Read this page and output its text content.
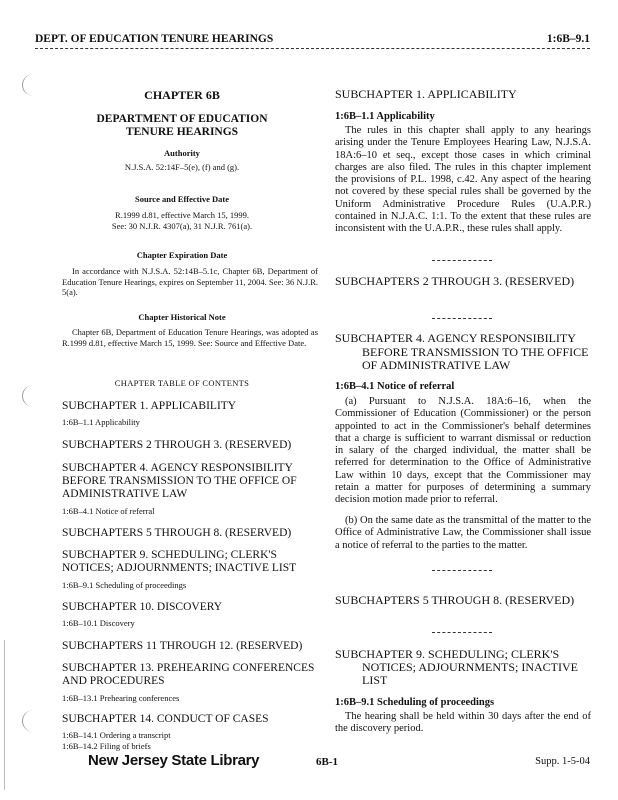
DEPT. OF EDUCATION TENURE HEARINGS	1:6B–9.1
CHAPTER 6B
DEPARTMENT OF EDUCATION
TENURE HEARINGS
Authority
N.J.S.A. 52:14F–5(e), (f) and (g).
Source and Effective Date
R.1999 d.81, effective March 15, 1999.
See: 30 N.J.R. 4307(a), 31 N.J.R. 761(a).
Chapter Expiration Date
In accordance with N.J.S.A. 52:14B–5.1c, Chapter 6B, Department of Education Tenure Hearings, expires on September 11, 2004. See: 36 N.J.R. 5(a).
Chapter Historical Note
Chapter 6B, Department of Education Tenure Hearings, was adopted as R.1999 d.81, effective March 15, 1999. See: Source and Effective Date.
CHAPTER TABLE OF CONTENTS
SUBCHAPTER 1. APPLICABILITY
1:6B–1.1 Applicability
SUBCHAPTERS 2 THROUGH 3. (RESERVED)
SUBCHAPTER 4. AGENCY RESPONSIBILITY BEFORE TRANSMISSION TO THE OFFICE OF ADMINISTRATIVE LAW
1:6B–4.1 Notice of referral
SUBCHAPTERS 5 THROUGH 8. (RESERVED)
SUBCHAPTER 9. SCHEDULING; CLERK'S NOTICES; ADJOURNMENTS; INACTIVE LIST
1:6B–9.1 Scheduling of proceedings
SUBCHAPTER 10. DISCOVERY
1:6B–10.1 Discovery
SUBCHAPTERS 11 THROUGH 12. (RESERVED)
SUBCHAPTER 13. PREHEARING CONFERENCES AND PROCEDURES
1:6B–13.1 Prehearing conferences
SUBCHAPTER 14. CONDUCT OF CASES
1:6B–14.1 Ordering a transcript
1:6B–14.2 Filing of briefs
SUBCHAPTER 1. APPLICABILITY
1:6B–1.1 Applicability
The rules in this chapter shall apply to any hearings arising under the Tenure Employees Hearing Law, N.J.S.A. 18A:6–10 et seq., except those cases in which criminal charges are also filed. The rules in this chapter implement the provisions of P.L. 1998, c.42. Any aspect of the hearing not covered by these special rules shall be governed by the Uniform Administrative Procedure Rules (U.A.P.R.) contained in N.J.A.C. 1:1. To the extent that these rules are inconsistent with the U.A.P.R., these rules shall apply.
SUBCHAPTERS 2 THROUGH 3. (RESERVED)
SUBCHAPTER 4. AGENCY RESPONSIBILITY
BEFORE TRANSMISSION TO THE OFFICE
OF ADMINISTRATIVE LAW
1:6B–4.1 Notice of referral
(a) Pursuant to N.J.S.A. 18A:6–16, when the Commissioner of Education (Commissioner) or the person appointed to act in the Commissioner's behalf determines that a charge is sufficient to warrant dismissal or reduction in salary of the charged individual, the matter shall be referred for determination to the Office of Administrative Law within 10 days, except that the Commissioner may retain a matter for purposes of determining a summary decision motion made prior to referral.
(b) On the same date as the transmittal of the matter to the Office of Administrative Law, the Commissioner shall issue a notice of referral to the parties to the matter.
SUBCHAPTERS 5 THROUGH 8. (RESERVED)
SUBCHAPTER 9. SCHEDULING; CLERK'S
NOTICES; ADJOURNMENTS; INACTIVE
LIST
1:6B–9.1 Scheduling of proceedings
The hearing shall be held within 30 days after the end of the discovery period.
New Jersey State Library	6B-1	Supp. 1-5-04
